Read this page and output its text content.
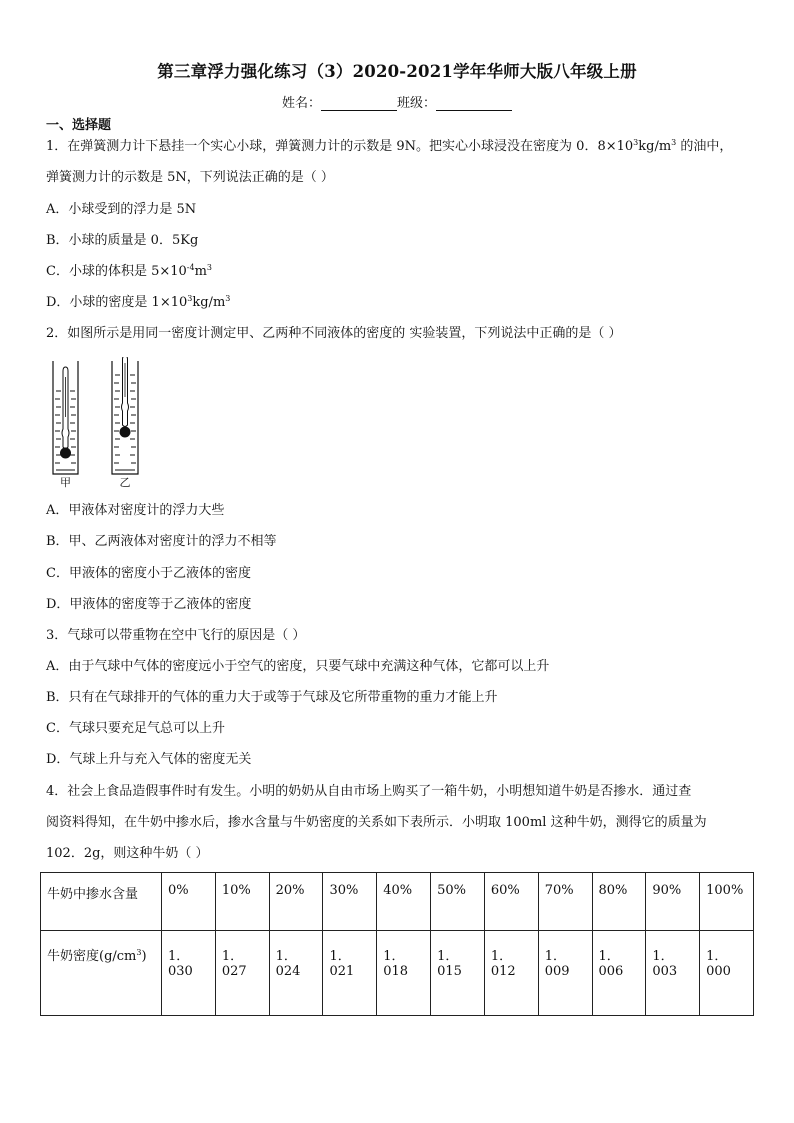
第三章浮力强化练习（3）2020-2021学年华师大版八年级上册
姓名：	班级：
一、选择题
1．在弹簧测力计下悬挂一个实心小球，弹簧测力计的示数是 9N。把实心小球浸没在密度为 0．$8\times 10^3kg/m^3$ 的油中，
弹簧测力计的示数是 5N，下列说法正确的是（ ）
A．小球受到的浮力是 5N
B．小球的质量是 0．5Kg
C．小球的体积是 $5\times 10^{-4}m^3$
D．小球的密度是 $1\times 10^3kg/m^3$
2．如图所示是用同一密度计测定甲、乙两种不同液体的密度的 实验装置，下列说法中正确的是（ ）
甲	乙
A．甲液体对密度计的浮力大些
B．甲、乙两液体对密度计的浮力不相等
C．甲液体的密度小于乙液体的密度
D．甲液体的密度等于乙液体的密度
3．气球可以带重物在空中飞行的原因是（ ）
A．由于气球中气体的密度远小于空气的密度，只要气球中充满这种气体，它都可以上升
B．只有在气球排开的气体的重力大于或等于气球及它所带重物的重力才能上升
C．气球只要充足气总可以上升
D．气球上升与充入气体的密度无关
4．社会上食品造假事件时有发生。小明的奶奶从自由市场上购买了一箱牛奶，小明想知道牛奶是否掺水．通过查
阅资料得知，在牛奶中掺水后，掺水含量与牛奶密度的关系如下表所示．小明取 100ml 这种牛奶，测得它的质量为
102．2g，则这种牛奶（ ）
牛奶中掺水含量	0%	10%	20%	30%	40%	50%	60%	70%	80%	90%	100%
牛奶密度$(g/cm^3)$	1．030	1．027	1．024	1．021	1．018	1．015	1．012	1．009	1．006	1．003	1．000
